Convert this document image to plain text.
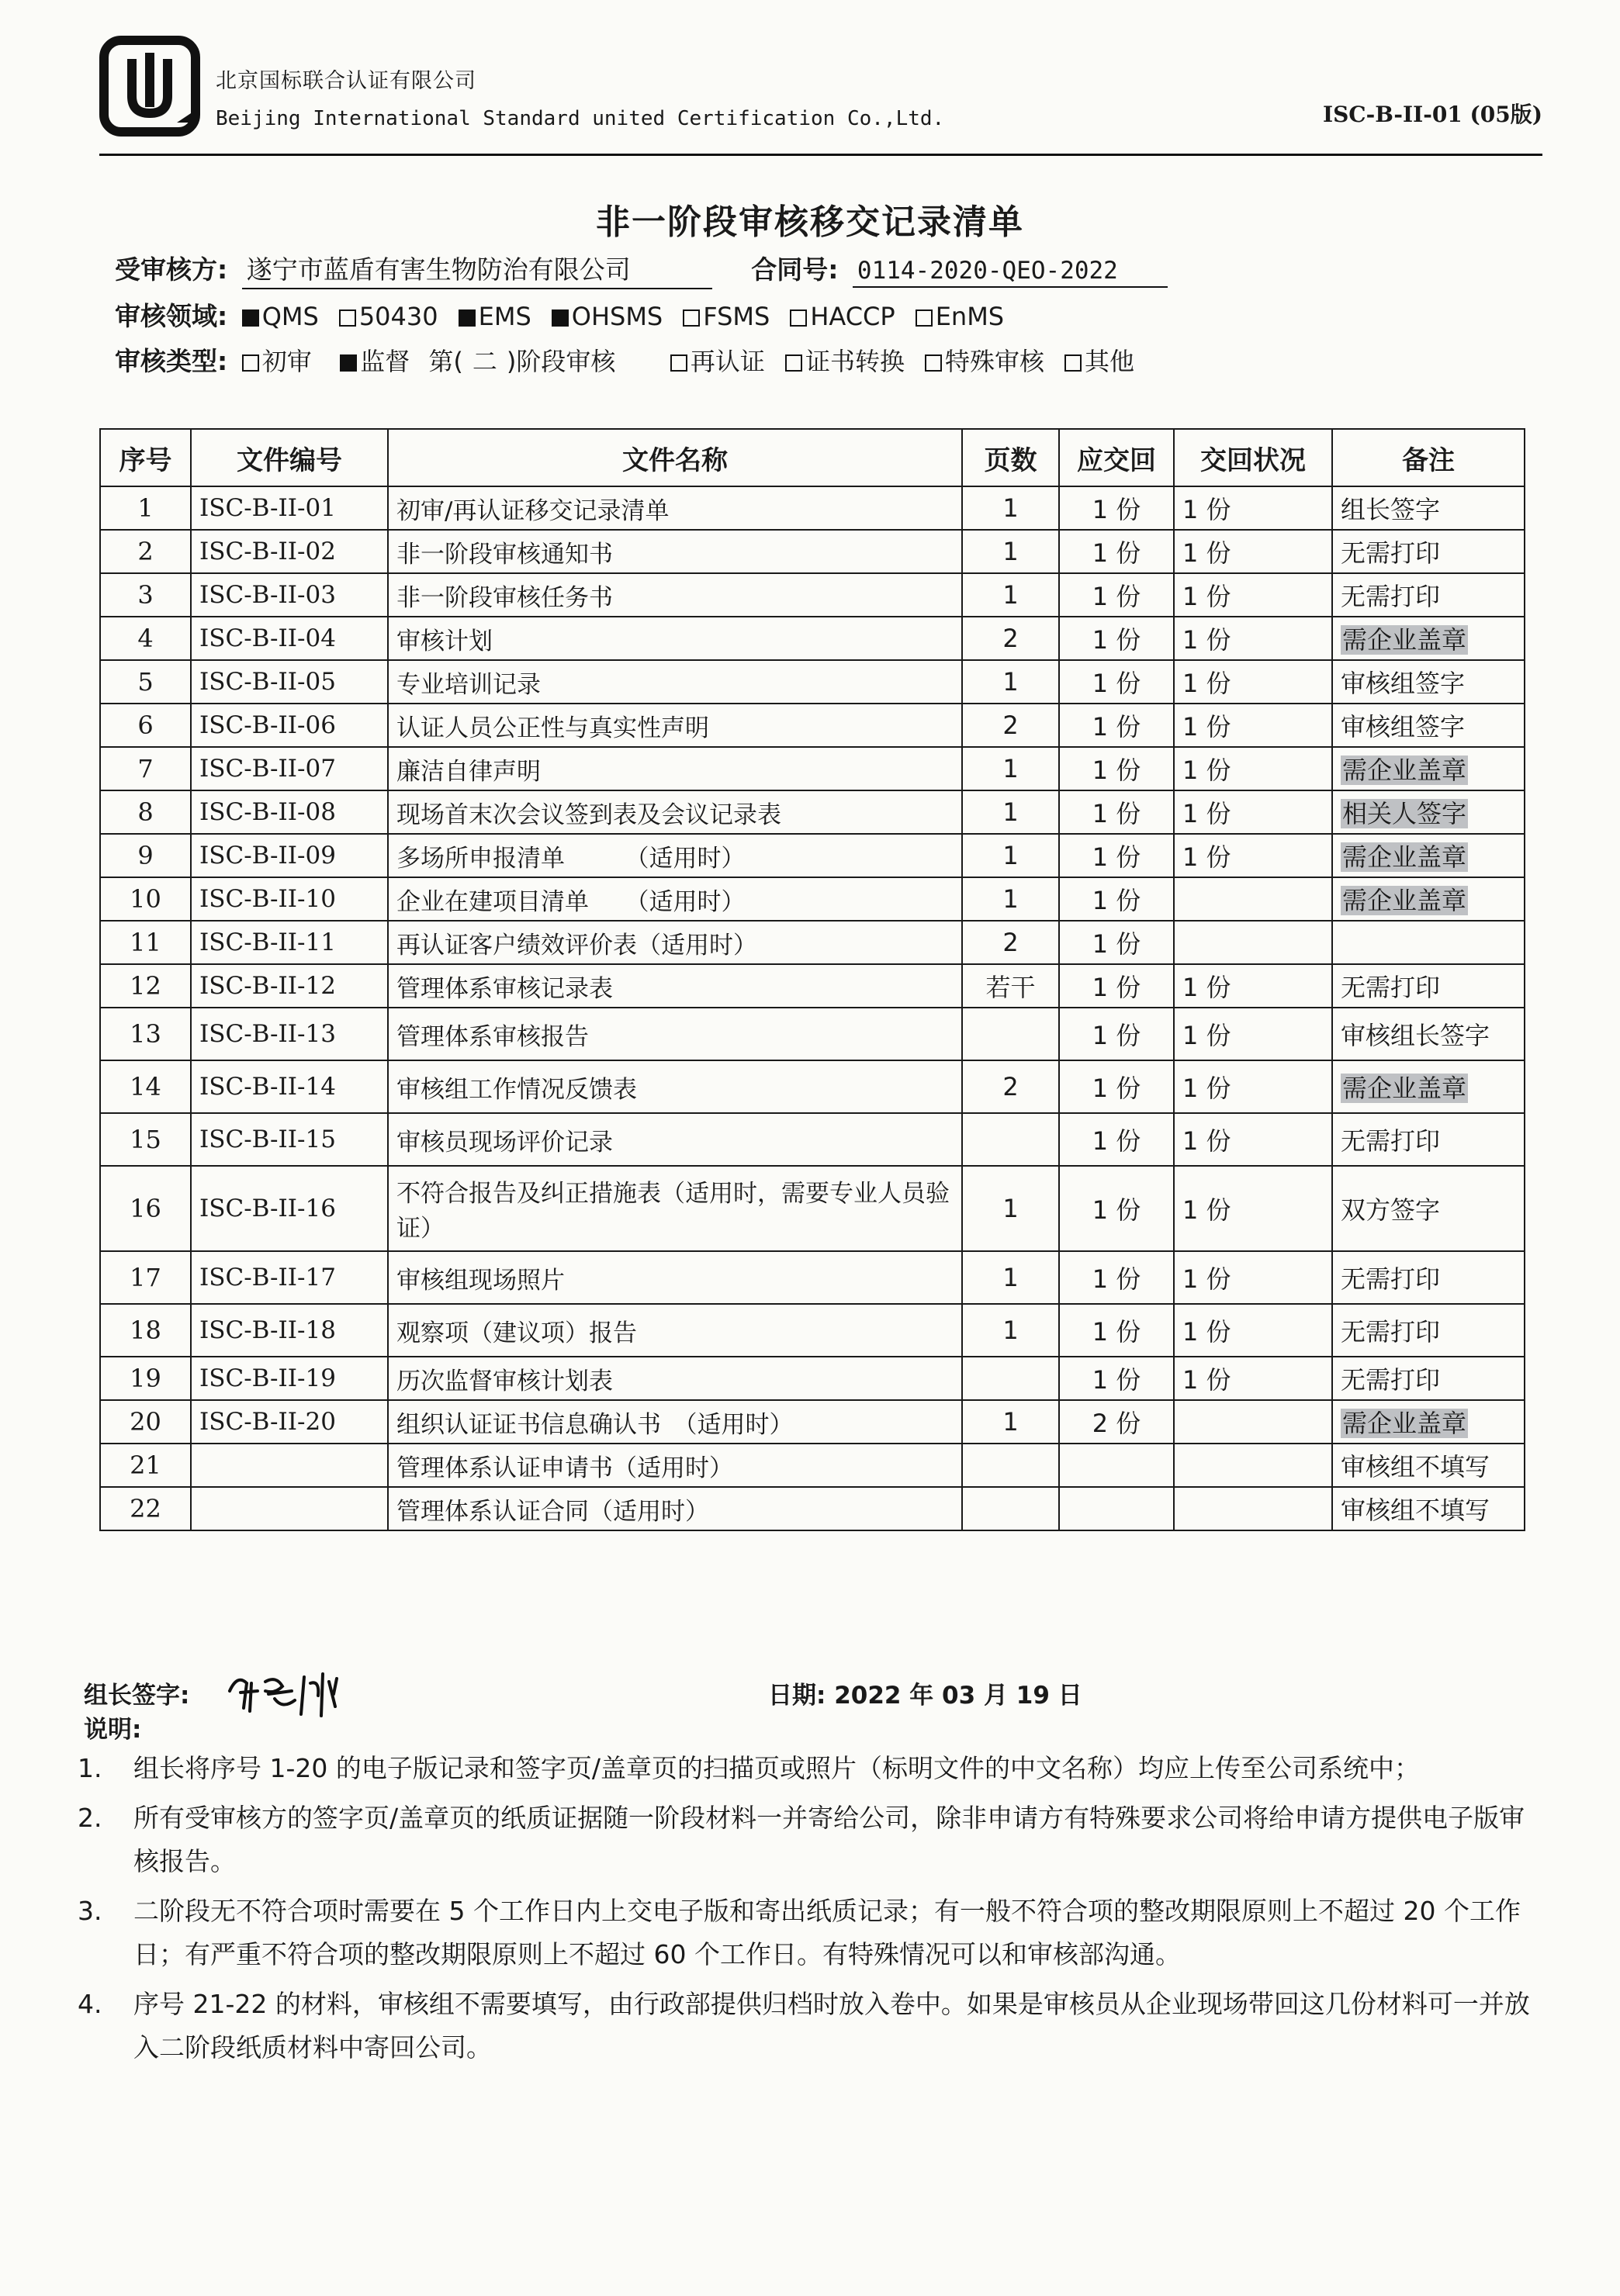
北京国标联合认证有限公司
Beijing International Standard united Certification Co.,Ltd.	ISC-B-II-01 (05版)
非一阶段审核移交记录清单
受审核方: 遂宁市蓝盾有害生物防治有限公司	合同号: 0114-2020-QEO-2022
审核领域: QMS 50430 EMS OHSMS FSMS HACCP EnMS
审核类型: 初审 监督 第( 二 )阶段审核	再认证 证书转换 特殊审核 其他
序号	文件编号	文件名称	页数	应交回	交回状况	备注
1	ISC-B-II-01	初审/再认证移交记录清单	1	1 份	1 份	组长签字
2	ISC-B-II-02	非一阶段审核通知书	1	1 份	1 份	无需打印
3	ISC-B-II-03	非一阶段审核任务书	1	1 份	1 份	无需打印
4	ISC-B-II-04	审核计划	2	1 份	1 份	需企业盖章
5	ISC-B-II-05	专业培训记录	1	1 份	1 份	审核组签字
6	ISC-B-II-06	认证人员公正性与真实性声明	2	1 份	1 份	审核组签字
7	ISC-B-II-07	廉洁自律声明	1	1 份	1 份	需企业盖章
8	ISC-B-II-08	现场首末次会议签到表及会议记录表	1	1 份	1 份	相关人签字
9	ISC-B-II-09	多场所申报清单　　　（适用时）	1	1 份	1 份	需企业盖章
10	ISC-B-II-10	企业在建项目清单　　（适用时）	1	1 份		需企业盖章
11	ISC-B-II-11	再认证客户绩效评价表（适用时）	2	1 份		
12	ISC-B-II-12	管理体系审核记录表	若干	1 份	1 份	无需打印
13	ISC-B-II-13	管理体系审核报告		1 份	1 份	审核组长签字
14	ISC-B-II-14	审核组工作情况反馈表	2	1 份	1 份	需企业盖章
15	ISC-B-II-15	审核员现场评价记录		1 份	1 份	无需打印
16	ISC-B-II-16	不符合报告及纠正措施表（适用时，需要专业人员验证）	1	1 份	1 份	双方签字
17	ISC-B-II-17	审核组现场照片	1	1 份	1 份	无需打印
18	ISC-B-II-18	观察项（建议项）报告	1	1 份	1 份	无需打印
19	ISC-B-II-19	历次监督审核计划表		1 份	1 份	无需打印
20	ISC-B-II-20	组织认证证书信息确认书　（适用时）	1	2 份		需企业盖章
21		管理体系认证申请书（适用时）				审核组不填写
22		管理体系认证合同（适用时）				审核组不填写
组长签字:	日期: 2022 年 03 月 19 日
说明:
1.	组长将序号 1-20 的电子版记录和签字页/盖章页的扫描页或照片（标明文件的中文名称）均应上传至公司系统中；
2.	所有受审核方的签字页/盖章页的纸质证据随一阶段材料一并寄给公司，除非申请方有特殊要求公司将给申请方提供电子版审核报告。
3.	二阶段无不符合项时需要在 5 个工作日内上交电子版和寄出纸质记录；有一般不符合项的整改期限原则上不超过 20 个工作日；有严重不符合项的整改期限原则上不超过 60 个工作日。有特殊情况可以和审核部沟通。
4.	序号 21-22 的材料，审核组不需要填写，由行政部提供归档时放入卷中。如果是审核员从企业现场带回这几份材料可一并放入二阶段纸质材料中寄回公司。
